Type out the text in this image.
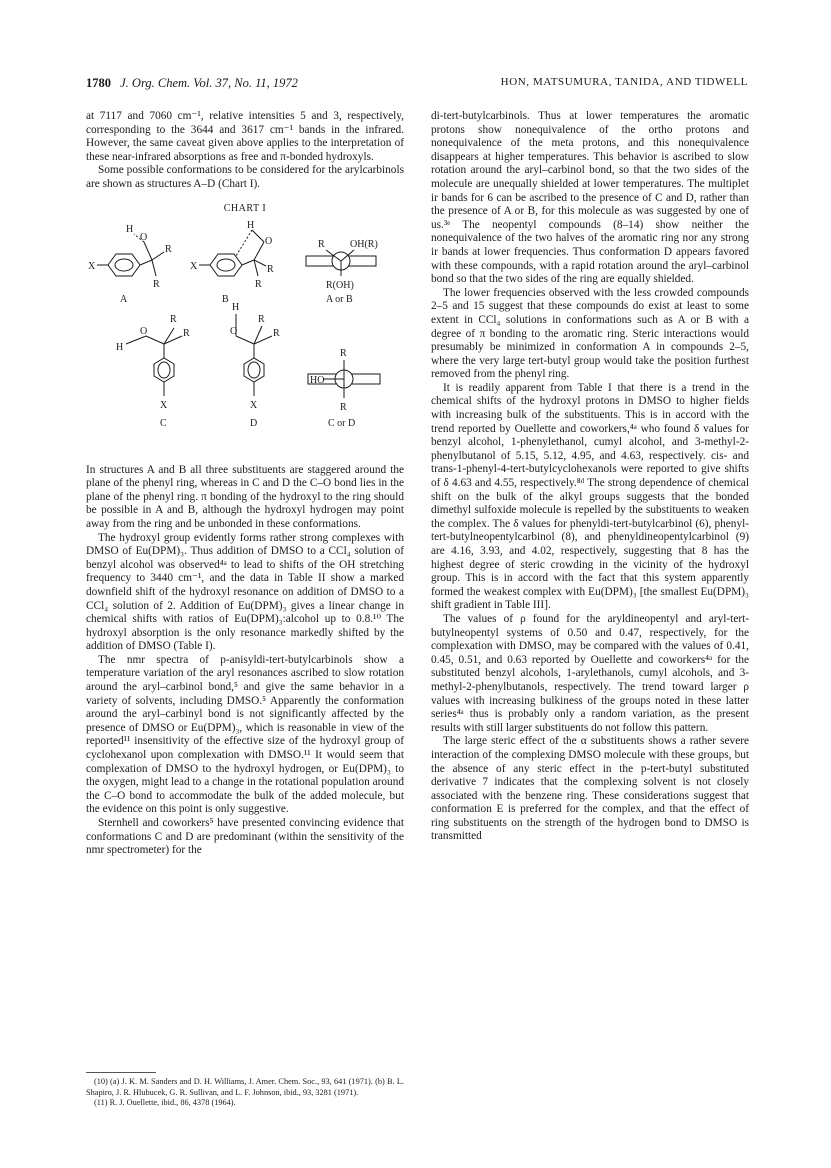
1780 J. Org. Chem. Vol. 37, No. 11, 1972	HON, MATSUMURA, TANIDA, AND TIDWELL

at 7117 and 7060 cm⁻¹, relative intensities 5 and 3, respectively, corresponding to the 3644 and 3617 cm⁻¹ bands in the infrared. However, the same caveat given above applies to the interpretation of these near-infrared absorptions as free and π-bonded hydroxyls.

Some possible conformations to be considered for the arylcarbinols are shown as structures A–D (Chart I).

CHART I
X
H
O
R
R
A
X
H
O
R
R
B
R	OH(R)
R(OH)
A or B
H
O
R
R
X
C
H
O
R
R
X
D
R
HO
R
C or D

In structures A and B all three substituents are staggered around the plane of the phenyl ring, whereas in C and D the C–O bond lies in the plane of the phenyl ring. π bonding of the hydroxyl to the ring should be possible in A and B, although the hydroxyl hydrogen may point away from the ring and be unbonded in these conformations.

The hydroxyl group evidently forms rather strong complexes with DMSO of Eu(DPM)₃. Thus addition of DMSO to a CCl₄ solution of benzyl alcohol was observed⁴ᵃ to lead to shifts of the OH stretching frequency to 3440 cm⁻¹, and the data in Table II show a marked downfield shift of the hydroxyl resonance on addition of DMSO to a CCl₄ solution of 2. Addition of Eu(DPM)₃ gives a linear change in chemical shifts with ratios of Eu(DPM)₃:alcohol up to 0.8.¹⁰ The hydroxyl absorption is the only resonance markedly shifted by the addition of DMSO (Table I).

The nmr spectra of p-anisyldi-tert-butylcarbinols show a temperature variation of the aryl resonances ascribed to slow rotation around the aryl–carbinol bond,⁵ and give the same behavior in a variety of solvents, including DMSO.⁵ Apparently the conformation around the aryl–carbinyl bond is not significantly affected by the presence of DMSO or Eu(DPM)₃, which is reasonable in view of the reported¹¹ insensitivity of the effective size of the hydroxyl group of cyclohexanol upon complexation with DMSO.¹¹ It would seem that complexation of DMSO to the hydroxyl hydrogen, or Eu(DPM)₃ to the oxygen, might lead to a change in the rotational population around the C–O bond to accommodate the bulk of the added molecule, but the evidence on this point is only suggestive.

Sternhell and coworkers⁵ have presented convincing evidence that conformations C and D are predominant (within the sensitivity of the nmr spectrometer) for the

di-tert-butylcarbinols. Thus at lower temperatures the aromatic protons show nonequivalence of the ortho protons and nonequivalence of the meta protons, and this nonequivalence disappears at higher temperatures. This behavior is ascribed to slow rotation around the aryl–carbinol bond, so that the two sides of the molecule are unequally shielded at lower temperatures. The multiplet ir bands for 6 can be ascribed to the presence of C and D, rather than the presence of A or B, for this molecule as was suggested by one of us.³ᵉ The neopentyl compounds (8–14) show neither the nonequivalence of the two halves of the aromatic ring nor any strong ir bands at lower frequencies. Thus conformation D appears favored with these compounds, with a rapid rotation around the aryl–carbinol bond so that the two sides of the ring are equally shielded.

The lower frequencies observed with the less crowded compounds 2–5 and 15 suggest that these compounds do exist at least to some extent in CCl₄ solutions in conformations such as A or B with a degree of π bonding to the aromatic ring. Steric interactions would presumably be minimized in conformation A in compounds 2–5, where the very large tert-butyl group would take the position furthest removed from the phenyl ring.

It is readily apparent from Table I that there is a trend in the chemical shifts of the hydroxyl protons in DMSO to higher fields with increasing bulk of the substituents. This is in accord with the trend reported by Ouellette and coworkers,⁴ᵃ who found δ values for benzyl alcohol, 1-phenylethanol, cumyl alcohol, and 3-methyl-2-phenylbutanol of 5.15, 5.12, 4.95, and 4.63, respectively. cis- and trans-1-phenyl-4-tert-butylcyclohexanols were reported to give shifts of δ 4.63 and 4.55, respectively.⁸ᵈ The strong dependence of chemical shift on the bulk of the alkyl groups suggests that the bonded dimethyl sulfoxide molecule is repelled by the substituents to weaken the complex. The δ values for phenyldi-tert-butylcarbinol (6), phenyl-tert-butylneopentylcarbinol (8), and phenyldineopentylcarbinol (9) are 4.16, 3.93, and 4.02, respectively, suggesting that 8 has the highest degree of steric crowding in the vicinity of the hydroxyl group. This is in accord with the fact that this system apparently formed the weakest complex with Eu(DPM)₃ [the smallest Eu(DPM)₃ shift gradient in Table III].

The values of ρ found for the aryldineopentyl and aryl-tert-butylneopentyl systems of 0.50 and 0.47, respectively, for the complexation with DMSO, may be compared with the values of 0.41, 0.45, 0.51, and 0.63 reported by Ouellette and coworkers⁴ᵃ for the substituted benzyl alcohols, 1-arylethanols, cumyl alcohols, and 3-methyl-2-phenylbutanols, respectively. The trend toward larger ρ values with increasing bulkiness of the groups noted in these latter series⁴ᵃ thus is probably only a random variation, as the present results with still larger substituents do not follow this pattern.

The large steric effect of the α substituents shows a rather severe interaction of the complexing DMSO molecule with these groups, but the absence of any steric effect in the p-tert-butyl substituted derivative 7 indicates that the complexing solvent is not closely associated with the benzene ring. These considerations suggest that conformation E is preferred for the complex, and that the effect of ring substituents on the strength of the hydrogen bond to DMSO is transmitted

(10) (a) J. K. M. Sanders and D. H. Williams, J. Amer. Chem. Soc., 93, 641 (1971). (b) B. L. Shapiro, J. R. Hlubucek, G. R. Sullivan, and L. F. Johnson, ibid., 93, 3281 (1971).

(11) R. J. Ouellette, ibid., 86, 4378 (1964).
